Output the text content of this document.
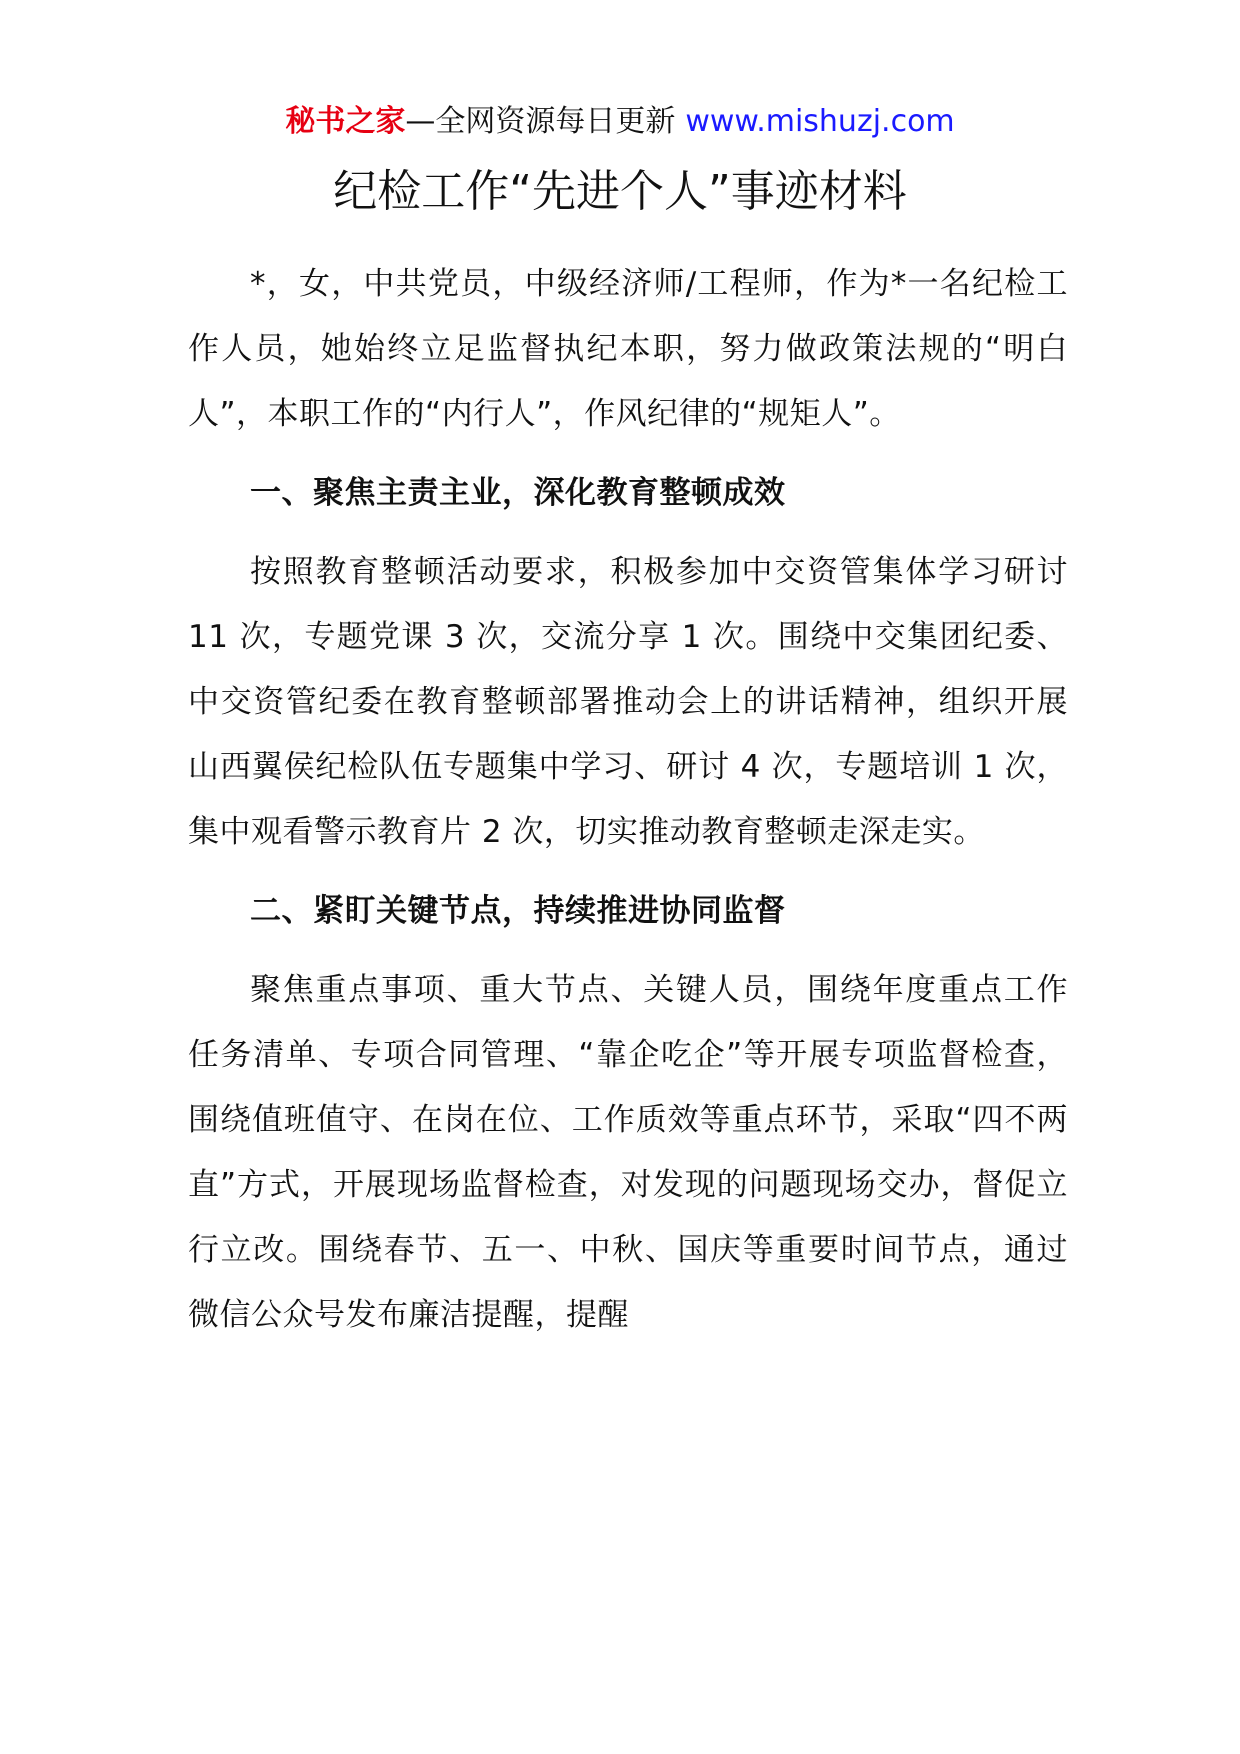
秘书之家—全网资源每日更新 www.mishuzj.com
纪检工作“先进个人”事迹材料

*，女，中共党员，中级经济师/工程师，作为*一名纪检工作人员，她始终立足监督执纪本职，努力做政策法规的“明白人”，本职工作的“内行人”，作风纪律的“规矩人”。

一、聚焦主责主业，深化教育整顿成效

按照教育整顿活动要求，积极参加中交资管集体学习研讨 11 次，专题党课 3 次，交流分享 1 次。围绕中交集团纪委、中交资管纪委在教育整顿部署推动会上的讲话精神，组织开展山西翼侯纪检队伍专题集中学习、研讨 4 次，专题培训 1 次，集中观看警示教育片 2 次，切实推动教育整顿走深走实。

二、紧盯关键节点，持续推进协同监督

聚焦重点事项、重大节点、关键人员，围绕年度重点工作任务清单、专项合同管理、“靠企吃企”等开展专项监督检查，围绕值班值守、在岗在位、工作质效等重点环节，采取“四不两直”方式，开展现场监督检查，对发现的问题现场交办，督促立行立改。围绕春节、五一、中秋、国庆等重要时间节点，通过微信公众号发布廉洁提醒，提醒
